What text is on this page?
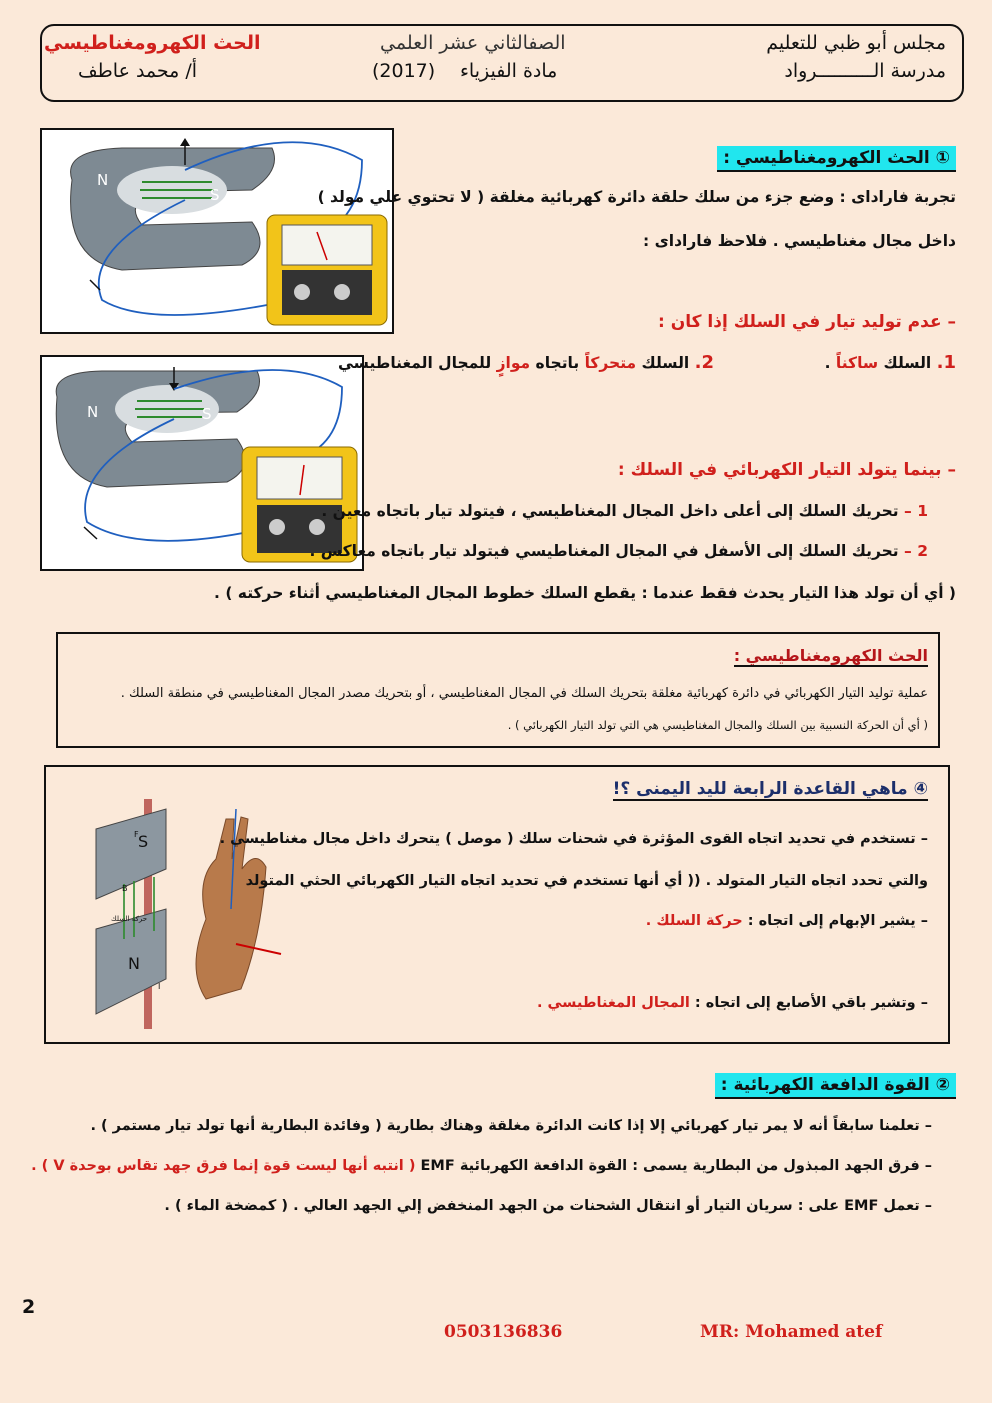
مجلس أبو ظبي للتعليم
مدرسة الــــــــــرواد
الصفالثاني عشر العلمي
مادة الفيزياء
(2017)
الحث الكهرومغناطيسي
أ/ محمد عاطف
N
S
N	S
① الحث الكهرومغناطيسي :
تجربة فارادای : وضع جزء من سلك حلقة دائرة كهربائية مغلقة ( لا تحتوي علي مولد )
داخل مجال مغناطيسي . فلاحظ فارادای :
– عدم توليد تيار في السلك إذا كان :
1. السلك ساكناً .
2. السلك متحركاً باتجاه موازٍ للمجال المغناطيسي
– بينما يتولد التيار الكهربائي في السلك :
1 – تحريك السلك إلى أعلى داخل المجال المغناطيسي ، فيتولد تيار باتجاه معين .
2 – تحريك السلك إلى الأسفل في المجال المغناطيسي فيتولد تيار باتجاه معاكس .
( أي أن تولد هذا التيار يحدث فقط عندما : يقطع السلك خطوط المجال المغناطيسي أثناء حركته ) .
الحث الكهرومغناطيسي :
عملية توليد التيار الكهربائي في دائرة كهربائية مغلقة بتحريك السلك في المجال المغناطيسي ، أو بتحريك مصدر المجال المغناطيسي في منطقة السلك .
( أي أن الحركة النسبية بين السلك والمجال المغناطيسي هي التي تولد التيار الكهربائي ) .
S
N
F
B
I
حركة السلك
④ ماهي القاعدة الرابعة لليد اليمنى ؟!
– تستخدم في تحديد اتجاه القوى المؤثرة في شحنات سلك ( موصل ) يتحرك داخل مجال مغناطيسي .
والتي تحدد اتجاه التيار المتولد . (( أي أنها تستخدم في تحديد اتجاه التيار الكهربائي الحثي المتولد
– يشير الإبهام إلى اتجاه : حركة السلك .
– وتشير باقي الأصابع إلى اتجاه : المجال المغناطيسي .
② القوة الدافعة الكهربائية :
– تعلمنا سابقاً أنه لا يمر تيار كهربائي إلا إذا كانت الدائرة مغلقة وهناك بطارية ( وفائدة البطارية أنها تولد تيار مستمر ) .
– فرق الجهد المبذول من البطارية يسمى : القوة الدافعة الكهربائية EMF ( انتبه أنها ليست قوة إنما فرق جهد تقاس بوحدة V ) .
– تعمل EMF على : سريان التيار أو انتقال الشحنات من الجهد المنخفض إلي الجهد العالي . ( كمضخة الماء ) .
2
0503136836	MR: Mohamed atef
